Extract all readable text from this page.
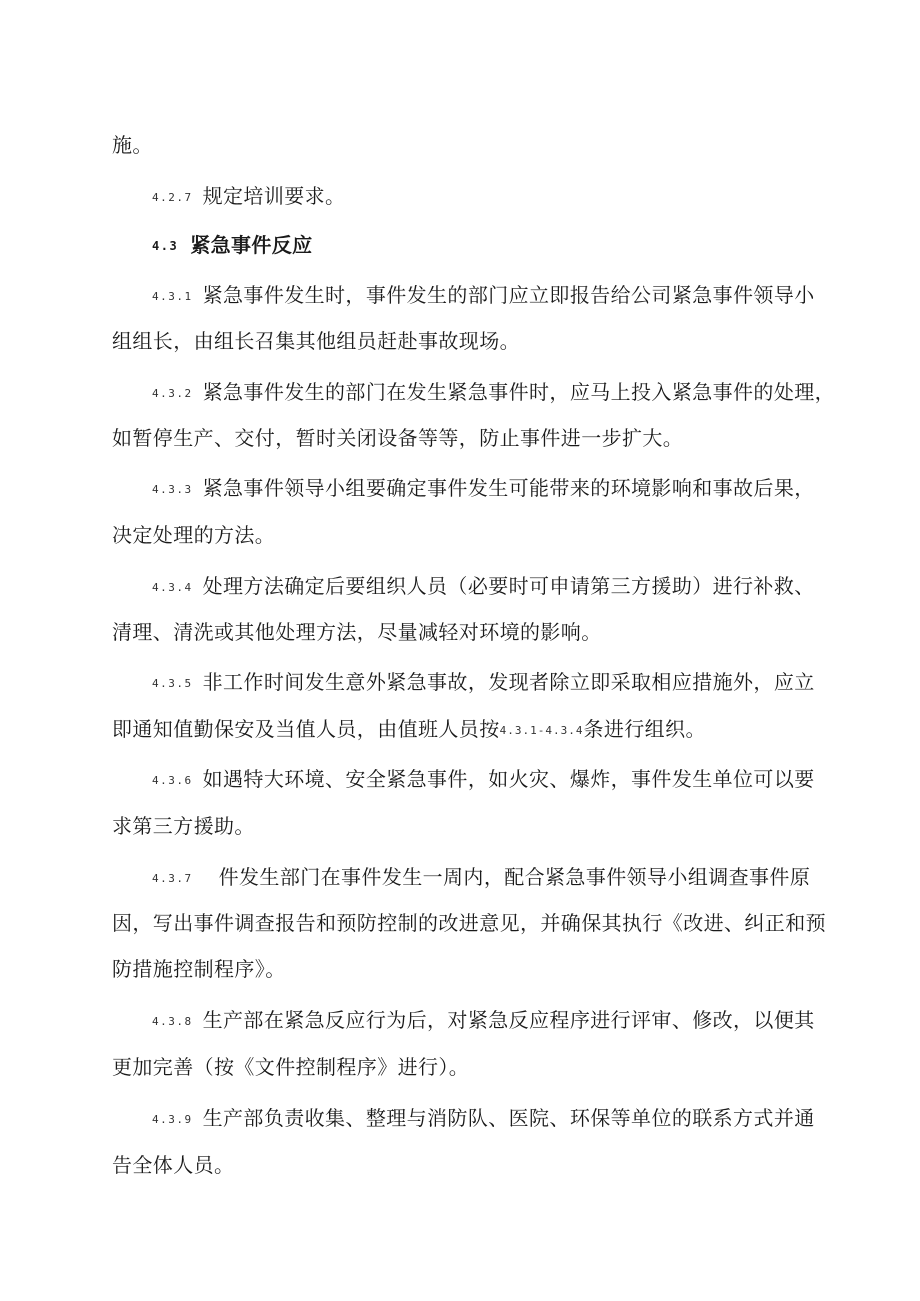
施。
4.2.7 规定培训要求。
4.3 紧急事件反应
4.3.1 紧急事件发生时，事件发生的部门应立即报告给公司紧急事件领导小
组组长，由组长召集其他组员赶赴事故现场。
4.3.2 紧急事件发生的部门在发生紧急事件时，应马上投入紧急事件的处理，
如暂停生产、交付，暂时关闭设备等等，防止事件进一步扩大。
4.3.3 紧急事件领导小组要确定事件发生可能带来的环境影响和事故后果，
决定处理的方法。
4.3.4 处理方法确定后要组织人员（必要时可申请第三方援助）进行补救、
清理、清洗或其他处理方法，尽量减轻对环境的影响。
4.3.5 非工作时间发生意外紧急事故，发现者除立即采取相应措施外，应立
即通知值勤保安及当值人员，由值班人员按4.3.1-4.3.4条进行组织。
4.3.6 如遇特大环境、安全紧急事件，如火灾、爆炸，事件发生单位可以要
求第三方援助。
4.3.7 件发生部门在事件发生一周内，配合紧急事件领导小组调查事件原
因，写出事件调查报告和预防控制的改进意见，并确保其执行《改进、纠正和预
防措施控制程序》。
4.3.8 生产部在紧急反应行为后，对紧急反应程序进行评审、修改，以便其
更加完善（按《文件控制程序》进行）。
4.3.9 生产部负责收集、整理与消防队、医院、环保等单位的联系方式并通
告全体人员。
